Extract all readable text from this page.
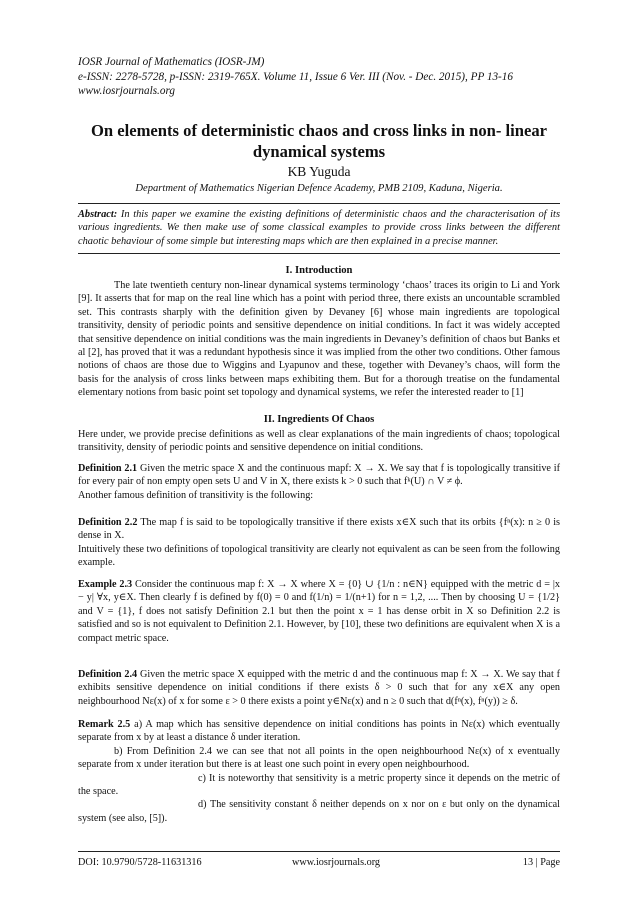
IOSR Journal of Mathematics (IOSR-JM)
e-ISSN: 2278-5728, p-ISSN: 2319-765X. Volume 11, Issue 6 Ver. III (Nov. - Dec. 2015), PP 13-16
www.iosrjournals.org
On elements of deterministic chaos and cross links in non- linear
dynamical systems
KB Yuguda
Department of Mathematics Nigerian Defence Academy, PMB 2109, Kaduna, Nigeria.
Abstract: In this paper we examine the existing definitions of deterministic chaos and the characterisation of its various ingredients. We then make use of some classical examples to provide cross links between the different chaotic behaviour of some simple but interesting maps which are then explained in a precise manner.
I. Introduction
The late twentieth century non-linear dynamical systems terminology ‘chaos’ traces its origin to Li and York [9]. It asserts that for map on the real line which has a point with period three, there exists an uncountable scrambled set. This contrasts sharply with the definition given by Devaney [6] whose main ingredients are topological transitivity, density of periodic points and sensitive dependence on initial conditions. In fact it was widely accepted that sensitive dependence on initial conditions was the main ingredients in Devaney’s definition of chaos but Banks et al [2], has proved that it was a redundant hypothesis since it was implied from the other two conditions. Other famous notions of chaos are those due to Wiggins and Lyapunov and these, together with Devaney’s chaos, will form the basis for the analysis of cross links between maps exhibiting them. But for a thorough treatise on the fundamental elementary notions from basic point set topology and dynamical systems, we refer the interested reader to [1]
II. Ingredients Of Chaos
Here under, we provide precise definitions as well as clear explanations of the main ingredients of chaos; topological transitivity, density of periodic points and sensitive dependence on initial conditions.
Definition 2.1 Given the metric space X and the continuous mapf: X → X. We say that f is topologically transitive if for every pair of non empty open sets U and V in X, there exists k > 0 such that fᵏ(U) ∩ V ≠ ϕ.
Another famous definition of transitivity is the following:
Definition 2.2 The map f is said to be topologically transitive if there exists x∈X such that its orbits {fⁿ(x): n ≥ 0 is dense in X.
Intuitively these two definitions of topological transitivity are clearly not equivalent as can be seen from the following example.
Example 2.3 Consider the continuous map f: X → X where X = {0} ∪ {1/n : n∈N} equipped with the metric d = |x − y| ∀x, y∈X. Then clearly f is defined by f(0) = 0 and f(1/n) = 1/(n+1) for n = 1,2, .... Then by choosing U = {1/2} and V = {1}, f does not satisfy Definition 2.1 but then the point x = 1 has dense orbit in X so Definition 2.2 is satisfied and so is not equivalent to Definition 2.1. However, by [10], these two definitions are equivalent when X is a compact metric space.
Definition 2.4 Given the metric space X equipped with the metric d and the continuous map f: X → X. We say that f exhibits sensitive dependence on initial conditions if there exists δ > 0 such that for any x∈X any open neighbourhood Nε(x) of x for some ε > 0 there exists a point y∈Nε(x) and n ≥ 0 such that d(fⁿ(x), fⁿ(y)) ≥ δ.
Remark 2.5 a) A map which has sensitive dependence on initial conditions has points in Nε(x) which eventually separate from x by at least a distance δ under iteration.
b) From Definition 2.4 we can see that not all points in the open neighbourhood Nε(x) of x eventually separate from x under iteration but there is at least one such point in every open neighbourhood.
c) It is noteworthy that sensitivity is a metric property since it depends on the metric of the space.
d) The sensitivity constant δ neither depends on x nor on ε but only on the dynamical system (see also, [5]).
DOI: 10.9790/5728-11631316	www.iosrjournals.org	13 | Page
